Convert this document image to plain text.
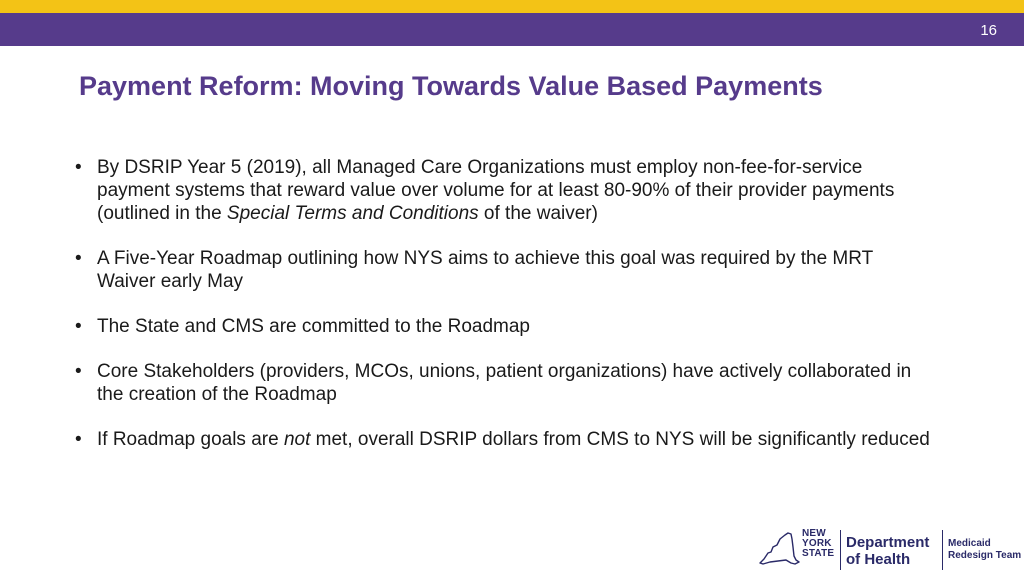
16
Payment Reform: Moving Towards Value Based Payments
• By DSRIP Year 5 (2019), all Managed Care Organizations must employ non-fee-for-service payment systems that reward value over volume for at least 80-90% of their provider payments (outlined in the Special Terms and Conditions of the waiver)
• A Five-Year Roadmap outlining how NYS aims to achieve this goal was required by the MRT Waiver early May
• The State and CMS are committed to the Roadmap
• Core Stakeholders (providers, MCOs, unions, patient organizations) have actively collaborated in the creation of the Roadmap
• If Roadmap goals are not met, overall DSRIP dollars from CMS to NYS will be significantly reduced
NEW
YORK
STATE
Department
of Health
Medicaid
Redesign Team
